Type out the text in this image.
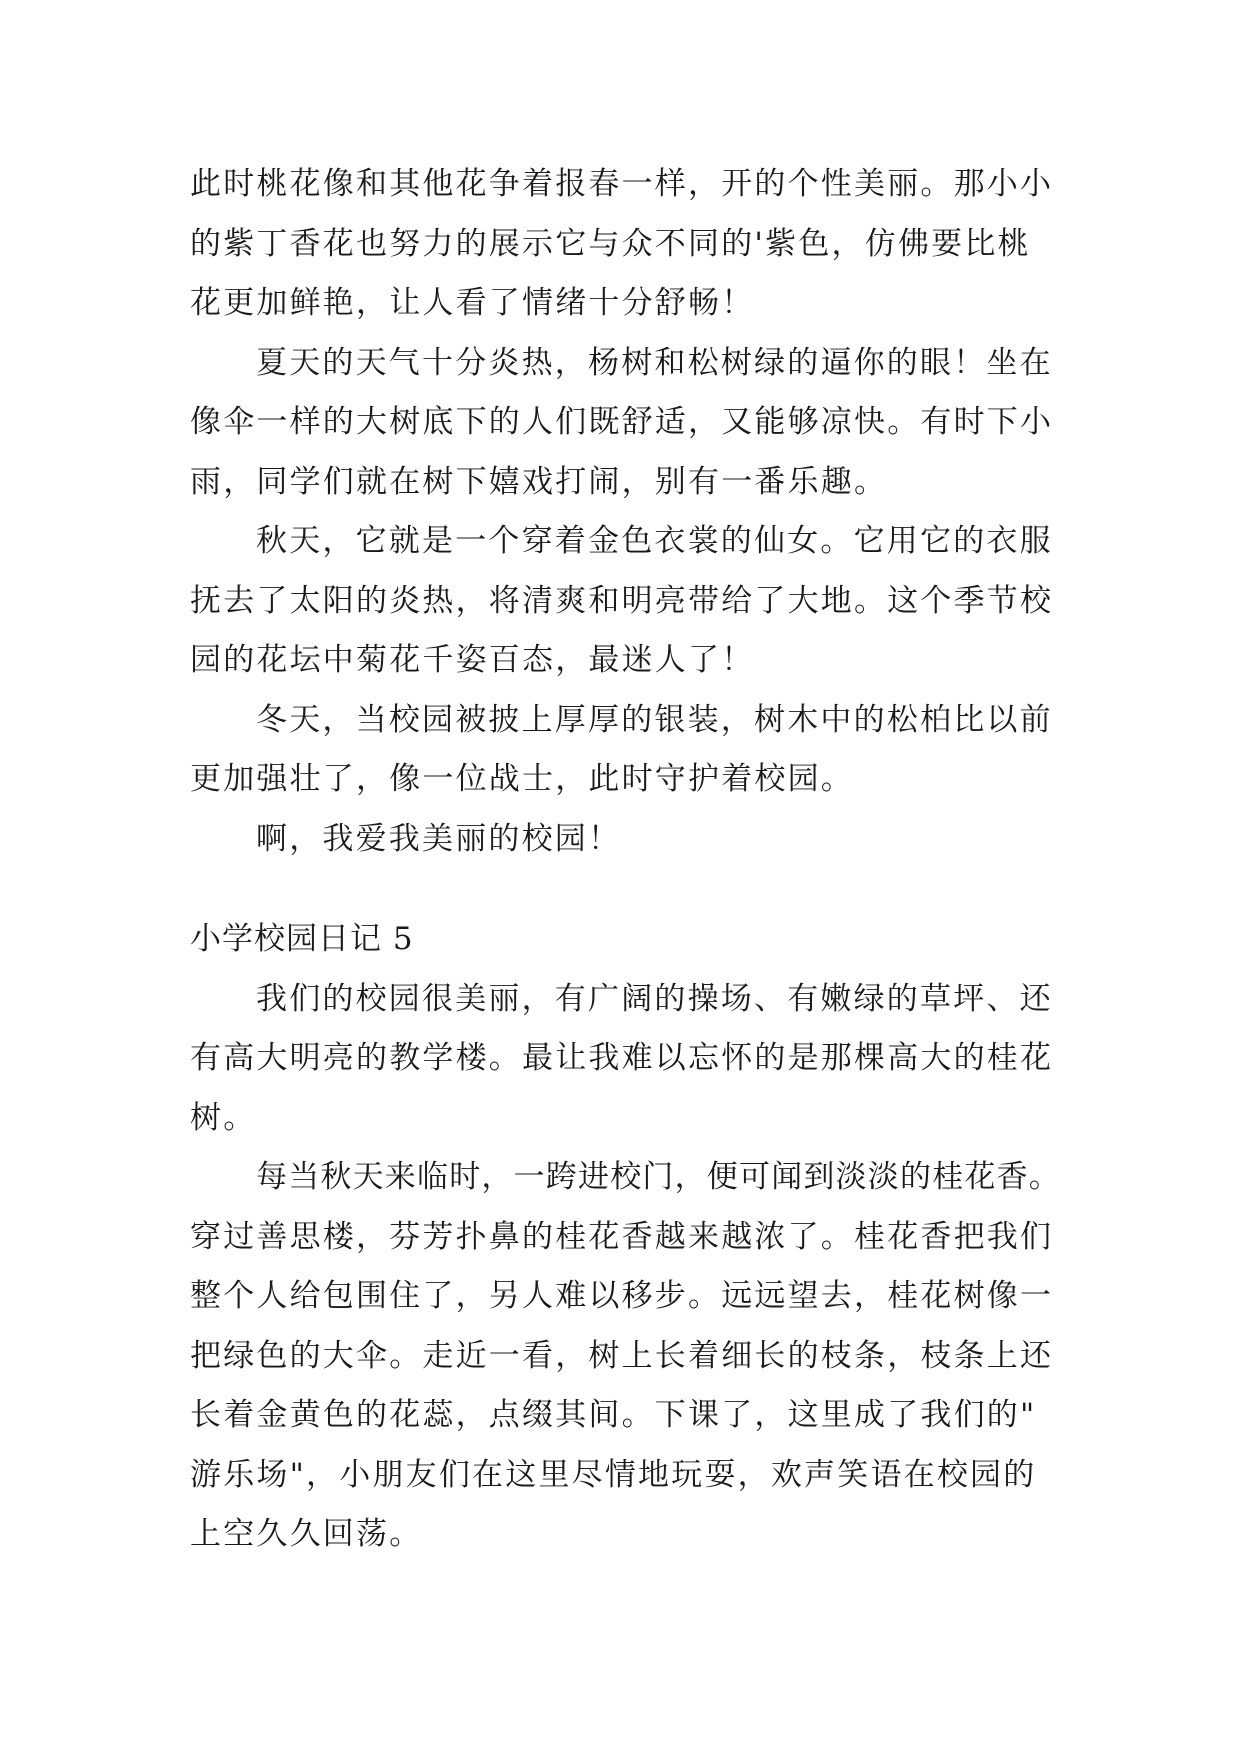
此时桃花像和其他花争着报春一样，开的个性美丽。那小小
的紫丁香花也努力的展示它与众不同的'紫色，仿佛要比桃
花更加鲜艳，让人看了情绪十分舒畅！
夏天的天气十分炎热，杨树和松树绿的逼你的眼！坐在
像伞一样的大树底下的人们既舒适，又能够凉快。有时下小
雨，同学们就在树下嬉戏打闹，别有一番乐趣。
秋天，它就是一个穿着金色衣裳的仙女。它用它的衣服
抚去了太阳的炎热，将清爽和明亮带给了大地。这个季节校
园的花坛中菊花千姿百态，最迷人了！
冬天，当校园被披上厚厚的银装，树木中的松柏比以前
更加强壮了，像一位战士，此时守护着校园。
啊，我爱我美丽的校园！
小学校园日记 5
我们的校园很美丽，有广阔的操场、有嫩绿的草坪、还
有高大明亮的教学楼。最让我难以忘怀的是那棵高大的桂花
树。
每当秋天来临时，一跨进校门，便可闻到淡淡的桂花香。
穿过善思楼，芬芳扑鼻的桂花香越来越浓了。桂花香把我们
整个人给包围住了，另人难以移步。远远望去，桂花树像一
把绿色的大伞。走近一看，树上长着细长的枝条，枝条上还
长着金黄色的花蕊，点缀其间。下课了，这里成了我们的"
游乐场"，小朋友们在这里尽情地玩耍，欢声笑语在校园的
上空久久回荡。
